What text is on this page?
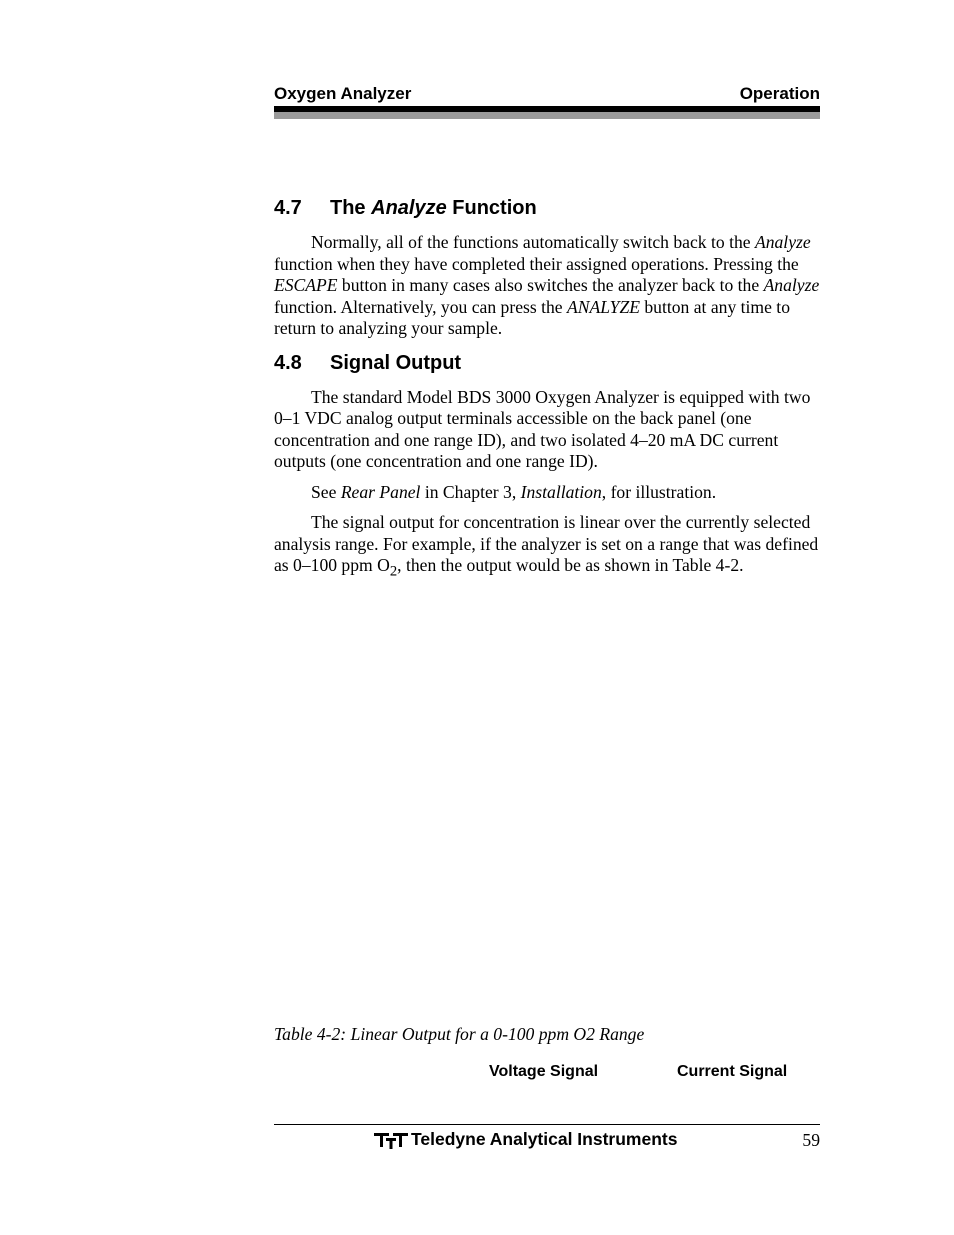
Oxygen Analyzer	Operation
4.7 The Analyze Function

Normally, all of the functions automatically switch back to the Analyze function when they have completed their assigned operations. Pressing the ESCAPE button in many cases also switches the analyzer back to the Analyze function. Alternatively, you can press the ANALYZE button at any time to return to analyzing your sample.

4.8 Signal Output

The standard Model BDS 3000 Oxygen Analyzer is equipped with two 0–1 VDC analog output terminals accessible on the back panel (one concentration and one range ID), and two isolated 4–20 mA DC current outputs (one concentration and one range ID).

See Rear Panel in Chapter 3, Installation, for illustration.

The signal output for concentration is linear over the currently selected analysis range. For example, if the analyzer is set on a range that was defined as 0–100 ppm $O_2$, then the output would be as shown in Table 4-2.

Table 4-2: Linear Output for a 0-100 ppm O2 Range
Voltage Signal	Current Signal
Teledyne Analytical Instruments	59
